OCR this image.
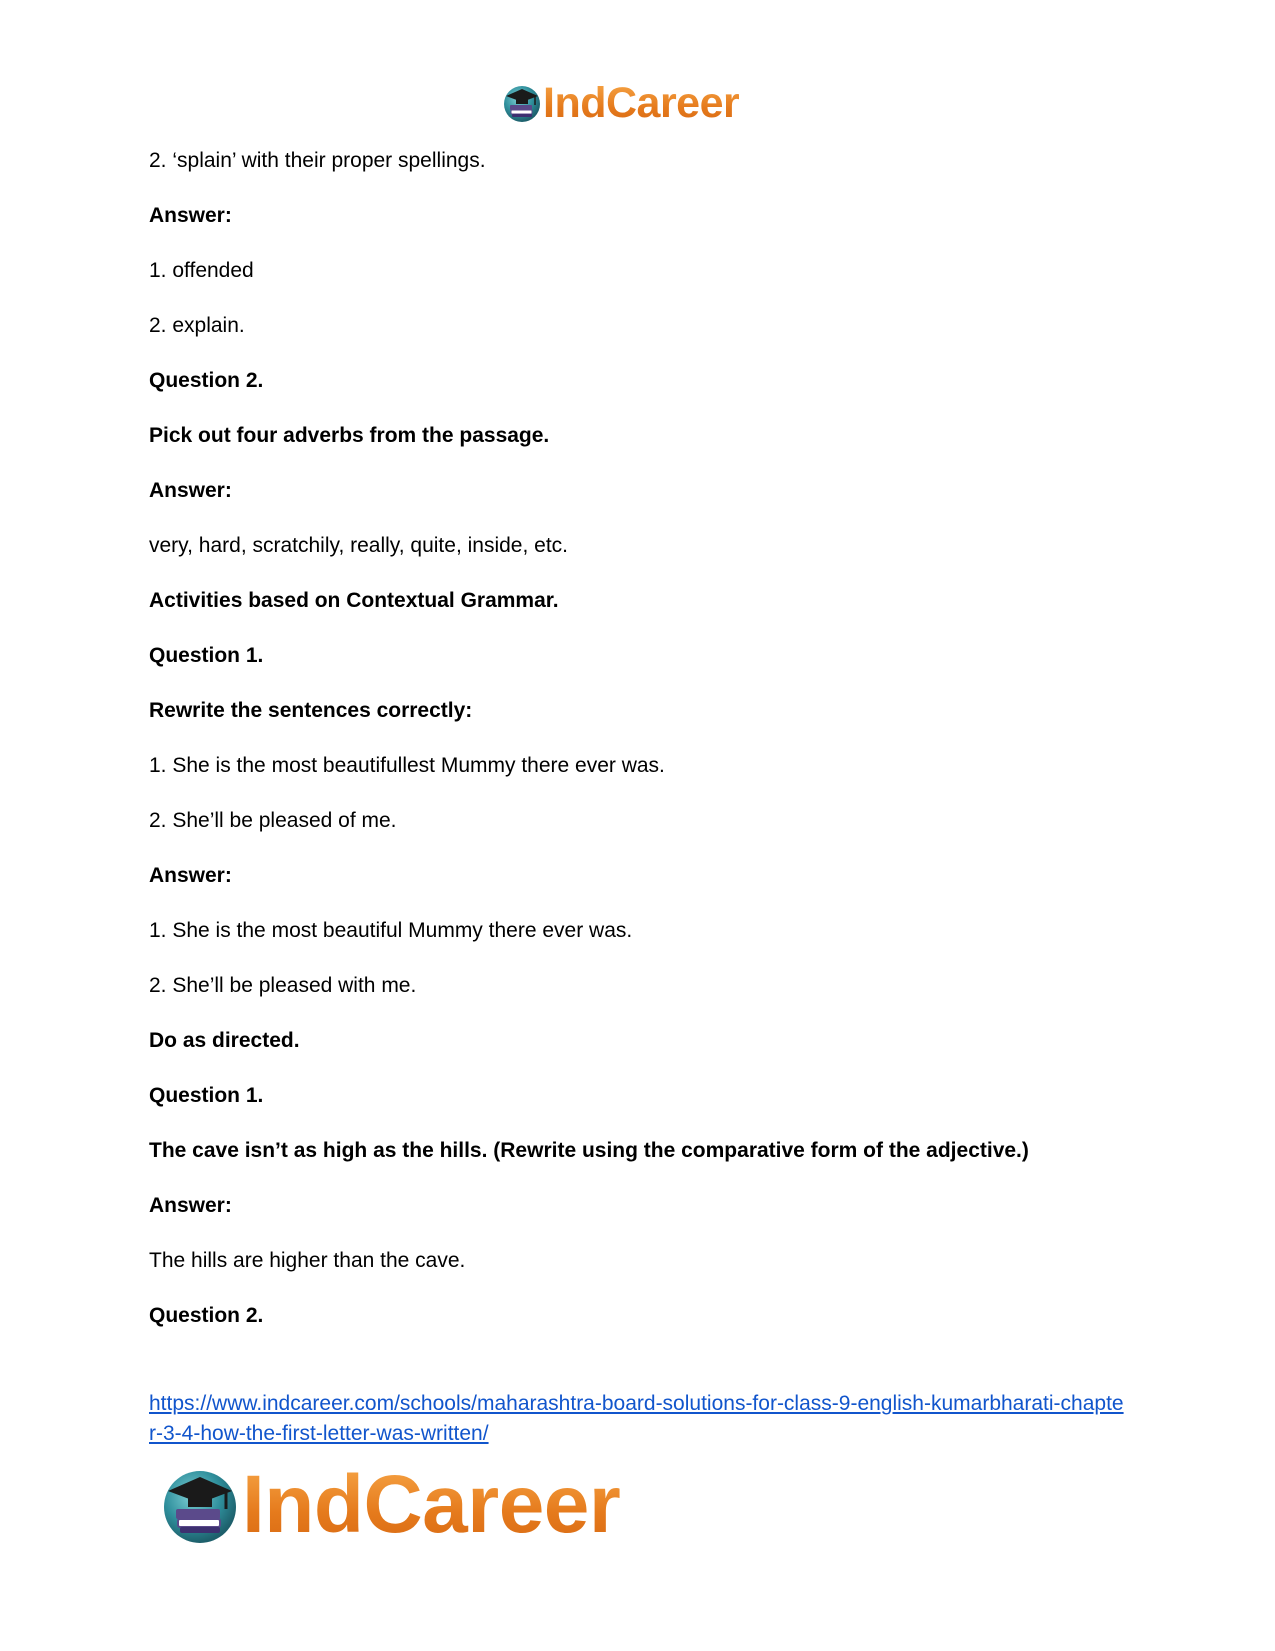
IndCareer
2. ‘splain’ with their proper spellings.
Answer:
1. offended
2. explain.
Question 2.
Pick out four adverbs from the passage.
Answer:
very, hard, scratchily, really, quite, inside, etc.
Activities based on Contextual Grammar.
Question 1.
Rewrite the sentences correctly:
1. She is the most beautifullest Mummy there ever was.
2. She’ll be pleased of me.
Answer:
1. She is the most beautiful Mummy there ever was.
2. She’ll be pleased with me.
Do as directed.
Question 1.
The cave isn’t as high as the hills. (Rewrite using the comparative form of the adjective.)
Answer:
The hills are higher than the cave.
Question 2.
https://www.indcareer.com/schools/maharashtra-board-solutions-for-class-9-english-kumarbharati-chapter-3-4-how-the-first-letter-was-written/
IndCareer
